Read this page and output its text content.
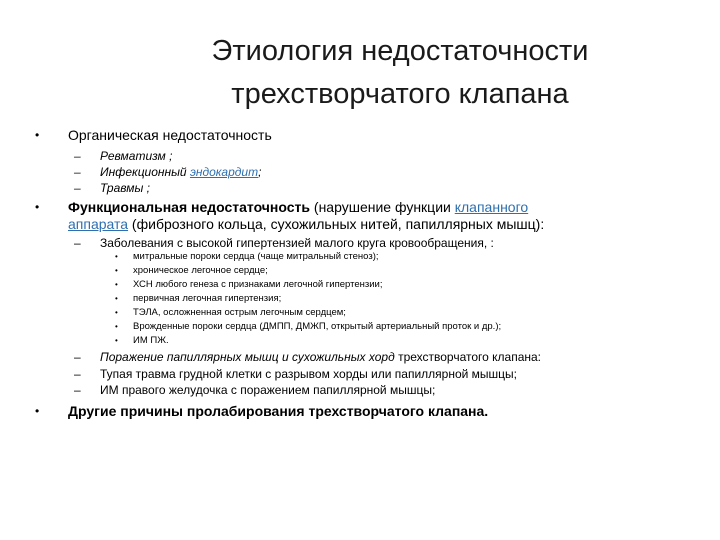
Этиология недостаточности
трехстворчатого клапана
• Органическая недостаточность
– Ревматизм ;
– Инфекционный эндокардит;
– Травмы ;
• Функциональная недостаточность (нарушение функции клапанного
аппарата (фиброзного кольца, сухожильных нитей, папиллярных мышц):
– Заболевания с высокой гипертензией малого круга кровообращения, :
• митральные пороки сердца (чаще митральный стеноз);
• хроническое легочное сердце;
• ХСН любого генеза с признаками легочной гипертензии;
• первичная легочная гипертензия;
• ТЭЛА, осложненная острым легочным сердцем;
• Врожденные пороки сердца (ДМПП, ДМЖП, открытый артериальный проток и др.);
• ИМ ПЖ.
– Поражение папиллярных мышц и сухожильных хорд трехстворчатого клапана:
– Тупая травма грудной клетки с разрывом хорды или папиллярной мышцы;
– ИМ правого желудочка с поражением папиллярной мышцы;
• Другие причины пролабирования трехстворчатого клапана.
